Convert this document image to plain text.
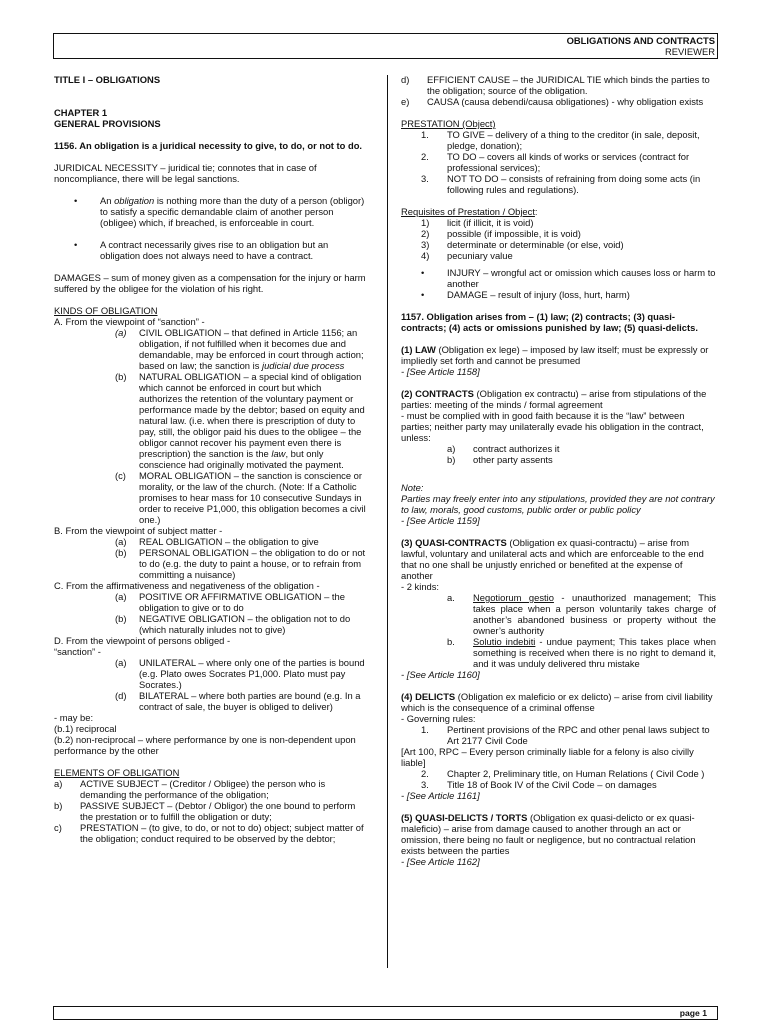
OBLIGATIONS AND CONTRACTS
REVIEWER

TITLE I – OBLIGATIONS

CHAPTER 1

GENERAL PROVISIONS

1156. An obligation is a juridical necessity to give, to do, or not to do.

JURIDICAL NECESSITY – juridical tie; connotes that in case of noncompliance, there will be legal sanctions.

•	An obligation is nothing more than the duty of a person (obligor) to satisfy a specific demandable claim of another person (obligee) which, if breached, is enforceable in court.
•	A contract necessarily gives rise to an obligation but an obligation does not always need to have a contract.

DAMAGES – sum of money given as a compensation for the injury or harm suffered by the obligee for the violation of his right.

KINDS OF OBLIGATION

A. From the viewpoint of “sanction” -

(a)	CIVIL OBLIGATION – that defined in Article 1156; an obligation, if not fulfilled when it becomes due and demandable, may be enforced in court through action; based on law; the sanction is judicial due process
(b)	NATURAL OBLIGATION – a special kind of obligation which cannot be enforced in court but which authorizes the retention of the voluntary payment or performance made by the debtor; based on equity and natural law. (i.e. when there is prescription of duty to pay, still, the obligor paid his dues to the obligee – the obligor cannot recover his payment even there is prescription) the sanction is the law, but only conscience had originally motivated the payment.
(c)	MORAL OBLIGATION – the sanction is conscience or morality, or the law of the church. (Note: If a Catholic promises to hear mass for 10 consecutive Sundays in order to receive P1,000, this obligation becomes a civil one.)

B. From the viewpoint of subject matter -

(a)	REAL OBLIGATION – the obligation to give
(b)	PERSONAL OBLIGATION – the obligation to do or not to do (e.g. the duty to paint a house, or to refrain from committing a nuisance)

C. From the affirmativeness and negativeness of the obligation -

(a)	POSITIVE OR AFFIRMATIVE OBLIGATION – the obligation to give or to do
(b)	NEGATIVE OBLIGATION – the obligation not to do (which naturally inludes not to give)

D. From the viewpoint of persons obliged -

“sanction” -

(a)	UNILATERAL – where only one of the parties is bound (e.g. Plato owes Socrates P1,000. Plato must pay Socrates.)
(d)	BILATERAL – where both parties are bound (e.g. In a contract of sale, the buyer is obliged to deliver)

- may be:

(b.1) reciprocal

(b.2) non-reciprocal – where performance by one is non-dependent upon performance by the other

ELEMENTS OF OBLIGATION

a)	ACTIVE SUBJECT – (Creditor / Obligee) the person who is demanding the performance of the obligation;
b)	PASSIVE SUBJECT – (Debtor / Obligor) the one bound to perform the prestation or to fulfill the obligation or duty;
c)	PRESTATION – (to give, to do, or not to do) object; subject matter of the obligation; conduct required to be observed by the debtor;
d)	EFFICIENT CAUSE – the JURIDICAL TIE which binds the parties to the obligation; source of the obligation.
e)	CAUSA (causa debendi/causa obligationes) - why obligation exists

PRESTATION (Object)

1.	TO GIVE – delivery of a thing to the creditor (in sale, deposit, pledge, donation);
2.	TO DO – covers all kinds of works or services (contract for professional services);
3.	NOT TO DO – consists of refraining from doing some acts (in following rules and regulations).

Requisites of Prestation / Object:

1)	licit (if illicit, it is void)
2)	possible (if impossible, it is void)
3)	determinate or determinable (or else, void)
4)	pecuniary value
•	INJURY – wrongful act or omission which causes loss or harm to another
•	DAMAGE – result of injury (loss, hurt, harm)

1157. Obligation arises from – (1) law; (2) contracts; (3) quasi-contracts; (4) acts or omissions punished by law; (5) quasi-delicts.

(1) LAW (Obligation ex lege) – imposed by law itself; must be expressly or impliedly set forth and cannot be presumed

- [See Article 1158]

(2) CONTRACTS (Obligation ex contractu) – arise from stipulations of the parties: meeting of the minds / formal agreement

- must be complied with in good faith because it is the “law” between parties; neither party may unilaterally evade his obligation in the contract, unless:

a)	contract authorizes it
b)	other party assents

Note:

Parties may freely enter into any stipulations, provided they are not contrary to law, morals, good customs, public order or public policy

- [See Article 1159]

(3) QUASI-CONTRACTS (Obligation ex quasi-contractu) – arise from lawful, voluntary and unilateral acts and which are enforceable to the end that no one shall be unjustly enriched or benefited at the expense of another

- 2 kinds:

a.	Negotiorum gestio - unauthorized management; This takes place when a person voluntarily takes charge of another’s abandoned business or property without the owner’s authority
b.	Solutio indebiti - undue payment; This takes place when something is received when there is no right to demand it, and it was unduly delivered thru mistake

- [See Article 1160]

(4) DELICTS (Obligation ex maleficio or ex delicto) – arise from civil liability which is the consequence of a criminal offense

- Governing rules:

1.	Pertinent provisions of the RPC and other penal laws subject to Art 2177 Civil Code

[Art 100, RPC – Every person criminally liable for a felony is also civilly liable]

2.	Chapter 2, Preliminary title, on Human Relations ( Civil Code )
3.	Title 18 of Book IV of the Civil Code – on damages

- [See Article 1161]

(5) QUASI-DELICTS / TORTS (Obligation ex quasi-delicto or ex quasi-maleficio) – arise from damage caused to another through an act or omission, there being no fault or negligence, but no contractual relation exists between the parties

- [See Article 1162]

page 1
